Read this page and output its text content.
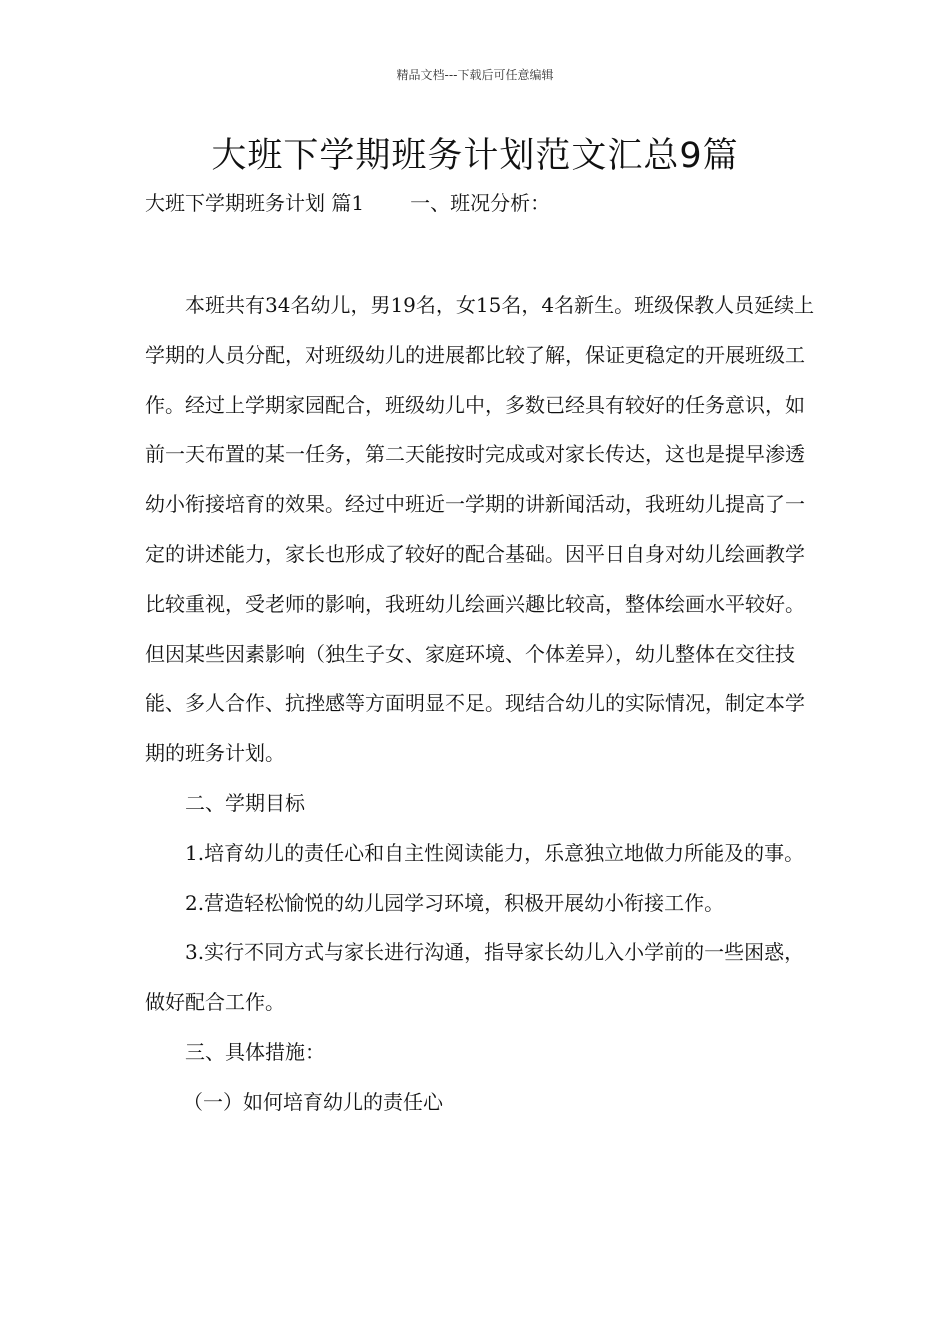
精品文档---下载后可任意编辑
大班下学期班务计划范文汇总9篇
大班下学期班务计划 篇1 一、班况分析：

本班共有34名幼儿，男19名，女15名，4名新生。班级保教人员延续上学期的人员分配，对班级幼儿的进展都比较了解，保证更稳定的开展班级工作。经过上学期家园配合，班级幼儿中，多数已经具有较好的任务意识，如前一天布置的某一任务，第二天能按时完成或对家长传达，这也是提早渗透幼小衔接培育的效果。经过中班近一学期的讲新闻活动，我班幼儿提高了一定的讲述能力，家长也形成了较好的配合基础。因平日自身对幼儿绘画教学比较重视，受老师的影响，我班幼儿绘画兴趣比较高，整体绘画水平较好。但因某些因素影响（独生子女、家庭环境、个体差异），幼儿整体在交往技能、多人合作、抗挫感等方面明显不足。现结合幼儿的实际情况，制定本学期的班务计划。

二、学期目标

1.培育幼儿的责任心和自主性阅读能力，乐意独立地做力所能及的事。

2.营造轻松愉悦的幼儿园学习环境，积极开展幼小衔接工作。

3.实行不同方式与家长进行沟通，指导家长幼儿入小学前的一些困惑，做好配合工作。

三、具体措施：

（一）如何培育幼儿的责任心
